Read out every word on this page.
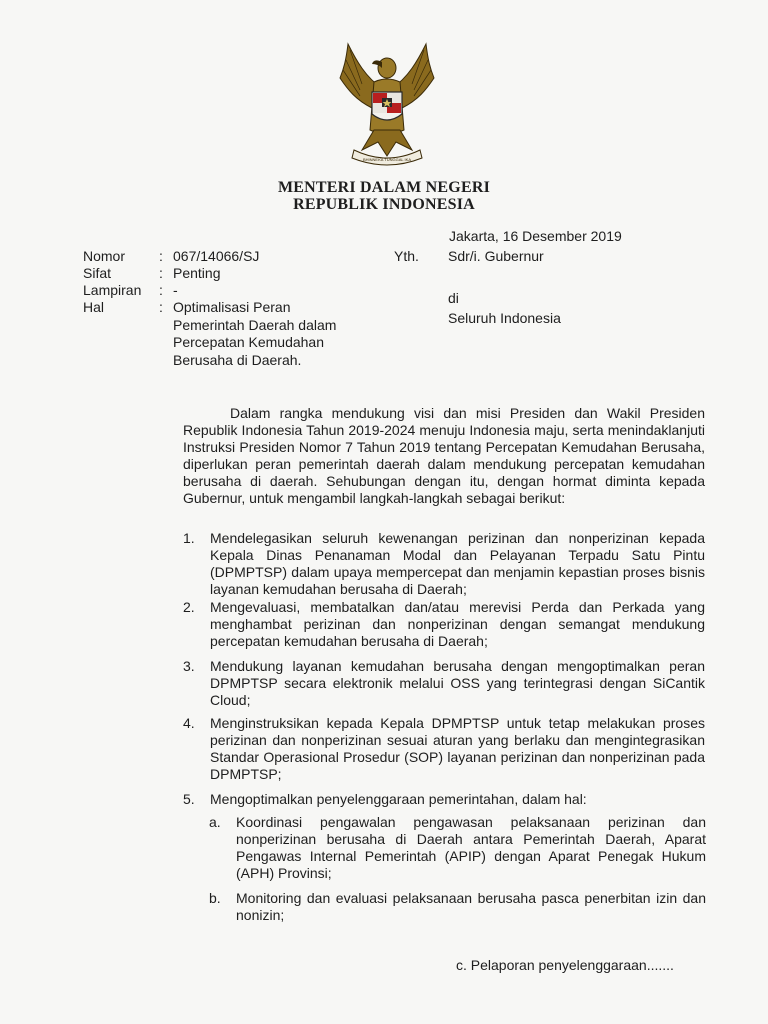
BHINNEKA TUNGGAL IKA
MENTERI DALAM NEGERI
REPUBLIK INDONESIA
Jakarta, 16 Desember 2019
Nomor	: 067/14066/SJ
Sifat	: Penting
Lampiran	: -
Hal	: Optimalisasi Peran
Pemerintah Daerah dalam
Percepatan Kemudahan
Berusaha di Daerah.
Yth. Sdr/i. Gubernur
di
Seluruh Indonesia
Dalam rangka mendukung visi dan misi Presiden dan Wakil Presiden Republik Indonesia Tahun 2019-2024 menuju Indonesia maju, serta menindaklanjuti Instruksi Presiden Nomor 7 Tahun 2019 tentang Percepatan Kemudahan Berusaha, diperlukan peran pemerintah daerah dalam mendukung percepatan kemudahan berusaha di daerah. Sehubungan dengan itu, dengan hormat diminta kepada Gubernur, untuk mengambil langkah-langkah sebagai berikut:
1.	Mendelegasikan seluruh kewenangan perizinan dan nonperizinan kepada Kepala Dinas Penanaman Modal dan Pelayanan Terpadu Satu Pintu (DPMPTSP) dalam upaya mempercepat dan menjamin kepastian proses bisnis layanan kemudahan berusaha di Daerah;
2.	Mengevaluasi, membatalkan dan/atau merevisi Perda dan Perkada yang menghambat perizinan dan nonperizinan dengan semangat mendukung percepatan kemudahan berusaha di Daerah;
3.	Mendukung layanan kemudahan berusaha dengan mengoptimalkan peran DPMPTSP secara elektronik melalui OSS yang terintegrasi dengan SiCantik Cloud;
4.	Menginstruksikan kepada Kepala DPMPTSP untuk tetap melakukan proses perizinan dan nonperizinan sesuai aturan yang berlaku dan mengintegrasikan Standar Operasional Prosedur (SOP) layanan perizinan dan nonperizinan pada DPMPTSP;
5.	Mengoptimalkan penyelenggaraan pemerintahan, dalam hal:
a.	Koordinasi pengawalan pengawasan pelaksanaan perizinan dan nonperizinan berusaha di Daerah antara Pemerintah Daerah, Aparat Pengawas Internal Pemerintah (APIP) dengan Aparat Penegak Hukum (APH) Provinsi;
b.	Monitoring dan evaluasi pelaksanaan berusaha pasca penerbitan izin dan nonizin;
c. Pelaporan penyelenggaraan.......
